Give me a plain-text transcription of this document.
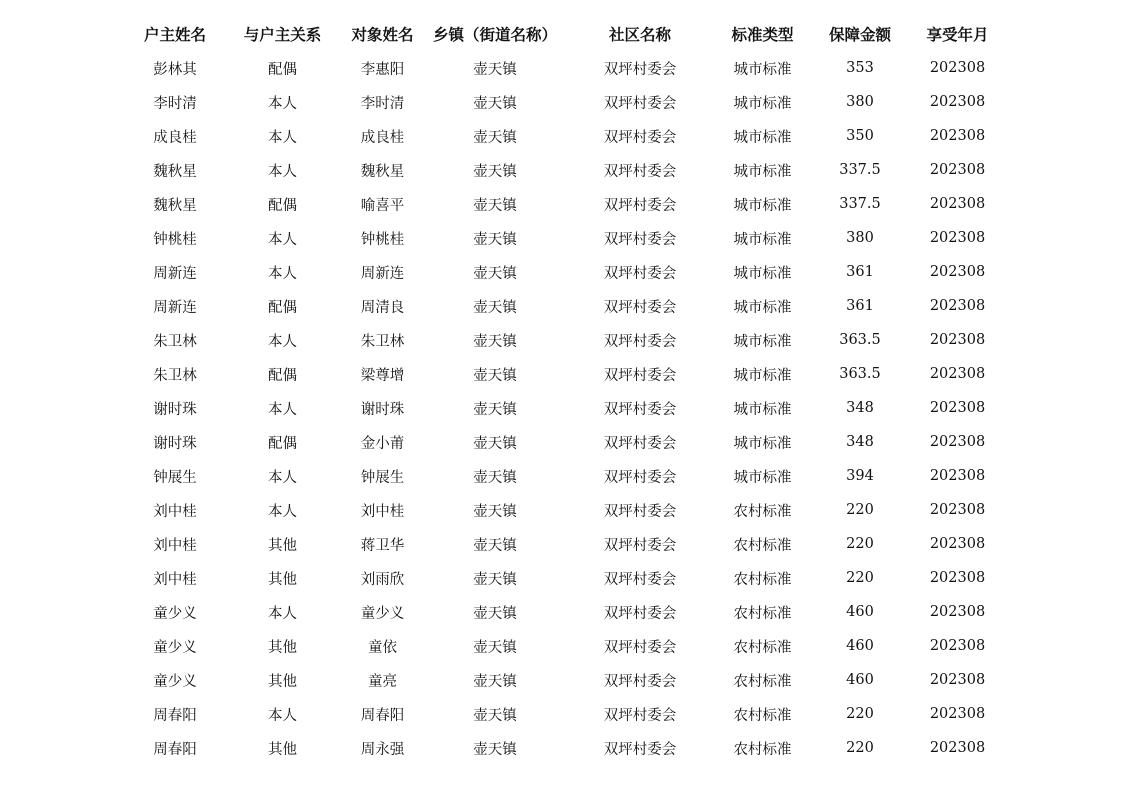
户主姓名	与户主关系	对象姓名	乡镇（街道名称）	社区名称	标准类型	保障金额	享受年月
彭林其	配偶	李惠阳	壶天镇	双坪村委会	城市标准	353	202308
李时清	本人	李时清	壶天镇	双坪村委会	城市标准	380	202308
成良桂	本人	成良桂	壶天镇	双坪村委会	城市标准	350	202308
魏秋星	本人	魏秋星	壶天镇	双坪村委会	城市标准	337.5	202308
魏秋星	配偶	喻喜平	壶天镇	双坪村委会	城市标准	337.5	202308
钟桃桂	本人	钟桃桂	壶天镇	双坪村委会	城市标准	380	202308
周新连	本人	周新连	壶天镇	双坪村委会	城市标准	361	202308
周新连	配偶	周清良	壶天镇	双坪村委会	城市标准	361	202308
朱卫林	本人	朱卫林	壶天镇	双坪村委会	城市标准	363.5	202308
朱卫林	配偶	梁尊增	壶天镇	双坪村委会	城市标准	363.5	202308
谢时珠	本人	谢时珠	壶天镇	双坪村委会	城市标准	348	202308
谢时珠	配偶	金小莆	壶天镇	双坪村委会	城市标准	348	202308
钟展生	本人	钟展生	壶天镇	双坪村委会	城市标准	394	202308
刘中桂	本人	刘中桂	壶天镇	双坪村委会	农村标准	220	202308
刘中桂	其他	蒋卫华	壶天镇	双坪村委会	农村标准	220	202308
刘中桂	其他	刘雨欣	壶天镇	双坪村委会	农村标准	220	202308
童少义	本人	童少义	壶天镇	双坪村委会	农村标准	460	202308
童少义	其他	童依	壶天镇	双坪村委会	农村标准	460	202308
童少义	其他	童亮	壶天镇	双坪村委会	农村标准	460	202308
周春阳	本人	周春阳	壶天镇	双坪村委会	农村标准	220	202308
周春阳	其他	周永强	壶天镇	双坪村委会	农村标准	220	202308
